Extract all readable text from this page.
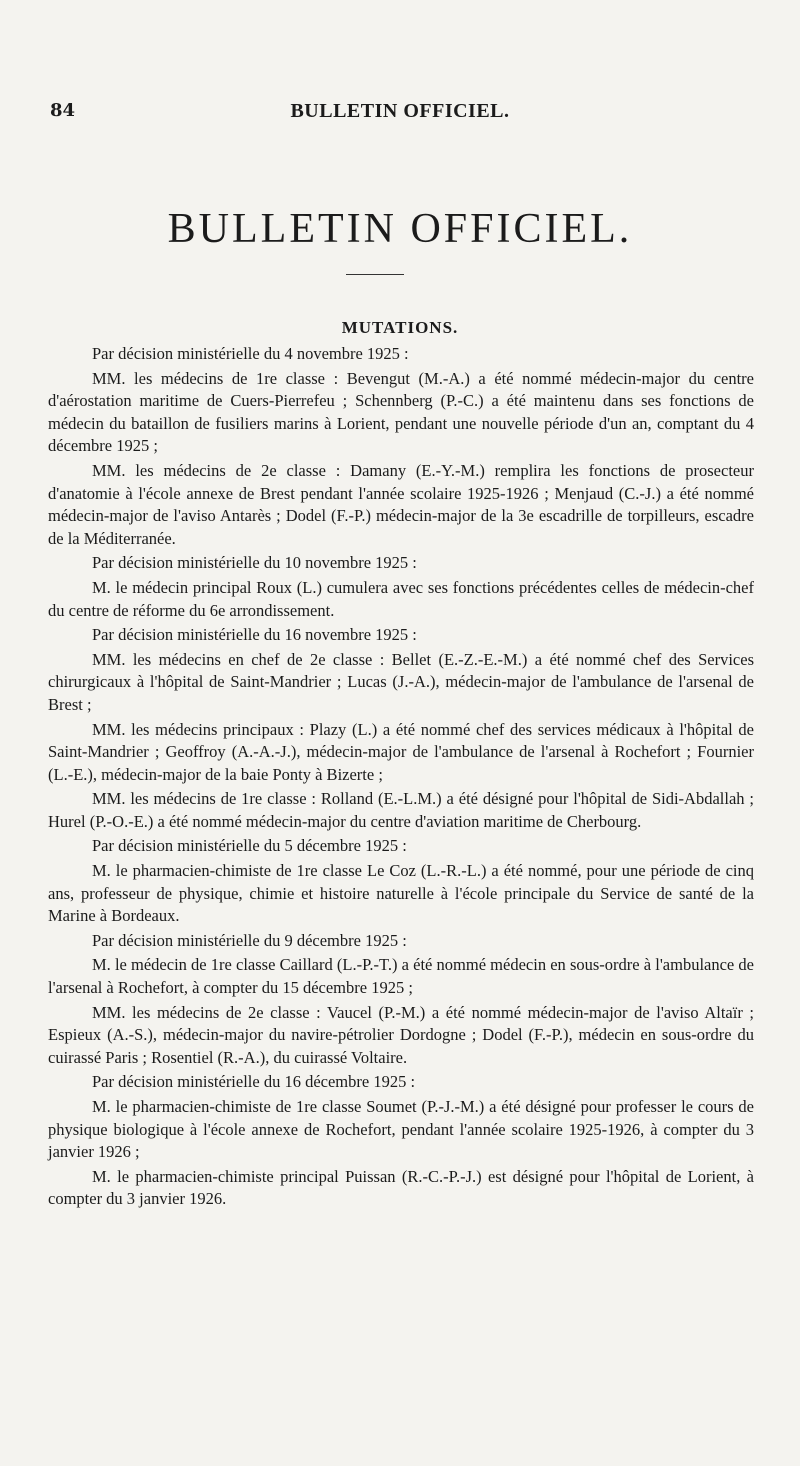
84	BULLETIN OFFICIEL.
BULLETIN OFFICIEL.
MUTATIONS.

Par décision ministérielle du 4 novembre 1925 :

MM. les médecins de 1re classe : Bevengut (M.-A.) a été nommé médecin-major du centre d'aérostation maritime de Cuers-Pierrefeu ; Schennberg (P.-C.) a été maintenu dans ses fonctions de médecin du bataillon de fusiliers marins à Lorient, pendant une nouvelle période d'un an, comptant du 4 décembre 1925 ;

MM. les médecins de 2e classe : Damany (E.-Y.-M.) remplira les fonctions de prosecteur d'anatomie à l'école annexe de Brest pendant l'année scolaire 1925-1926 ; Menjaud (C.-J.) a été nommé médecin-major de l'aviso Antarès ; Dodel (F.-P.) médecin-major de la 3e escadrille de torpilleurs, escadre de la Méditerranée.

Par décision ministérielle du 10 novembre 1925 :

M. le médecin principal Roux (L.) cumulera avec ses fonctions précédentes celles de médecin-chef du centre de réforme du 6e arrondissement.

Par décision ministérielle du 16 novembre 1925 :

MM. les médecins en chef de 2e classe : Bellet (E.-Z.-E.-M.) a été nommé chef des Services chirurgicaux à l'hôpital de Saint-Mandrier ; Lucas (J.-A.), médecin-major de l'ambulance de l'arsenal de Brest ;

MM. les médecins principaux : Plazy (L.) a été nommé chef des services médicaux à l'hôpital de Saint-Mandrier ; Geoffroy (A.-A.-J.), médecin-major de l'ambulance de l'arsenal à Rochefort ; Fournier (L.-E.), médecin-major de la baie Ponty à Bizerte ;

MM. les médecins de 1re classe : Rolland (E.-L.M.) a été désigné pour l'hôpital de Sidi-Abdallah ; Hurel (P.-O.-E.) a été nommé médecin-major du centre d'aviation maritime de Cherbourg.

Par décision ministérielle du 5 décembre 1925 :

M. le pharmacien-chimiste de 1re classe Le Coz (L.-R.-L.) a été nommé, pour une période de cinq ans, professeur de physique, chimie et histoire naturelle à l'école principale du Service de santé de la Marine à Bordeaux.

Par décision ministérielle du 9 décembre 1925 :

M. le médecin de 1re classe Caillard (L.-P.-T.) a été nommé médecin en sous-ordre à l'ambulance de l'arsenal à Rochefort, à compter du 15 décembre 1925 ;

MM. les médecins de 2e classe : Vaucel (P.-M.) a été nommé médecin-major de l'aviso Altaïr ; Espieux (A.-S.), médecin-major du navire-pétrolier Dordogne ; Dodel (F.-P.), médecin en sous-ordre du cuirassé Paris ; Rosentiel (R.-A.), du cuirassé Voltaire.

Par décision ministérielle du 16 décembre 1925 :

M. le pharmacien-chimiste de 1re classe Soumet (P.-J.-M.) a été désigné pour professer le cours de physique biologique à l'école annexe de Rochefort, pendant l'année scolaire 1925-1926, à compter du 3 janvier 1926 ;

M. le pharmacien-chimiste principal Puissan (R.-C.-P.-J.) est désigné pour l'hôpital de Lorient, à compter du 3 janvier 1926.
